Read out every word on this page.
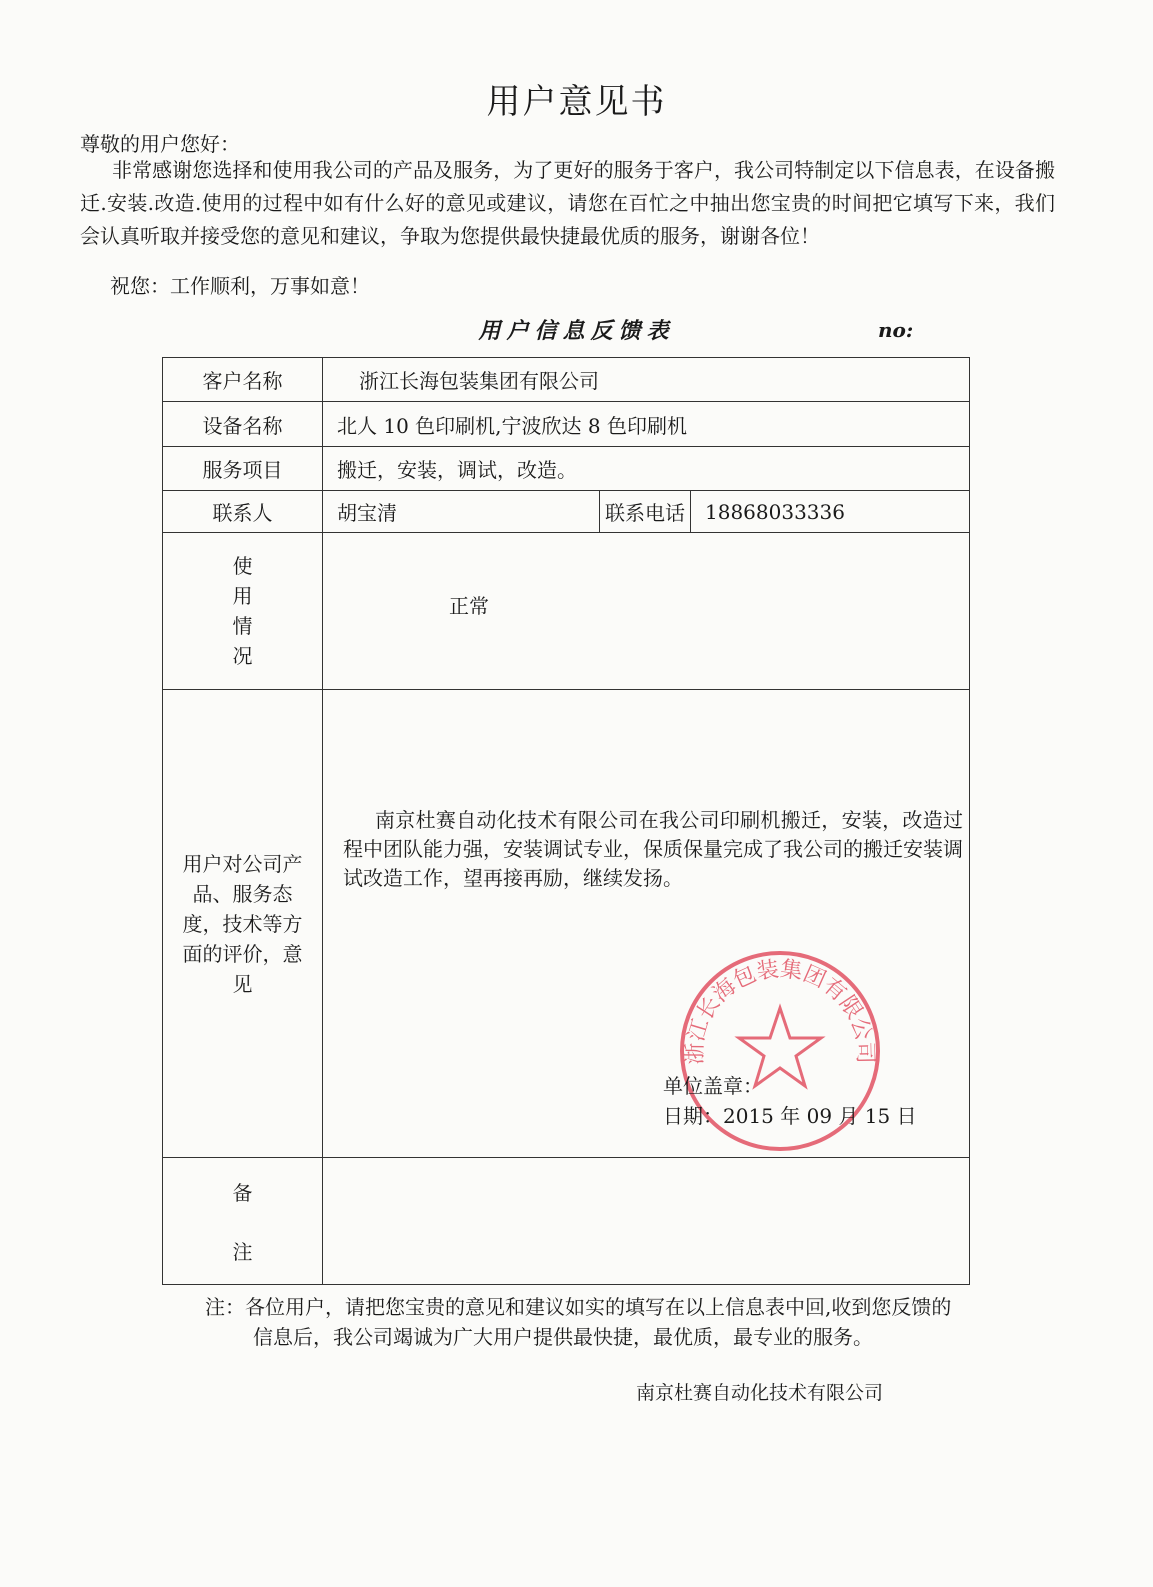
用户意见书
尊敬的用户您好：

非常感谢您选择和使用我公司的产品及服务，为了更好的服务于客户，我公司特制定以下信息表，在设备搬迁.安装.改造.使用的过程中如有什么好的意见或建议，请您在百忙之中抽出您宝贵的时间把它填写下来，我们会认真听取并接受您的意见和建议，争取为您提供最快捷最优质的服务，谢谢各位！

祝您：工作顺利，万事如意！
用户信息反馈表	no:
客户名称	浙江长海包装集团有限公司		
设备名称	北人 10 色印刷机,宁波欣达 8 色印刷机		
服务项目	搬迁，安装，调试，改造。		
联系人	胡宝清	联系电话	18868033336

使
用
情
况	正常		

用户对公司产品、服务态度，技术等方面的评价，意见	南京杜赛自动化技术有限公司在我公司印刷机搬迁，安装，改造过程中团队能力强，安装调试专业，保质保量完成了我公司的搬迁安装调试改造工作，望再接再励，继续发扬。

浙江长海包装集团有限公司
单位盖章：
日期：2015 年 09 月 15 日		

备
注			

注：各位用户，请把您宝贵的意见和建议如实的填写在以上信息表中回,收到您反馈的
信息后，我公司竭诚为广大用户提供最快捷，最优质，最专业的服务。
南京杜赛自动化技术有限公司
